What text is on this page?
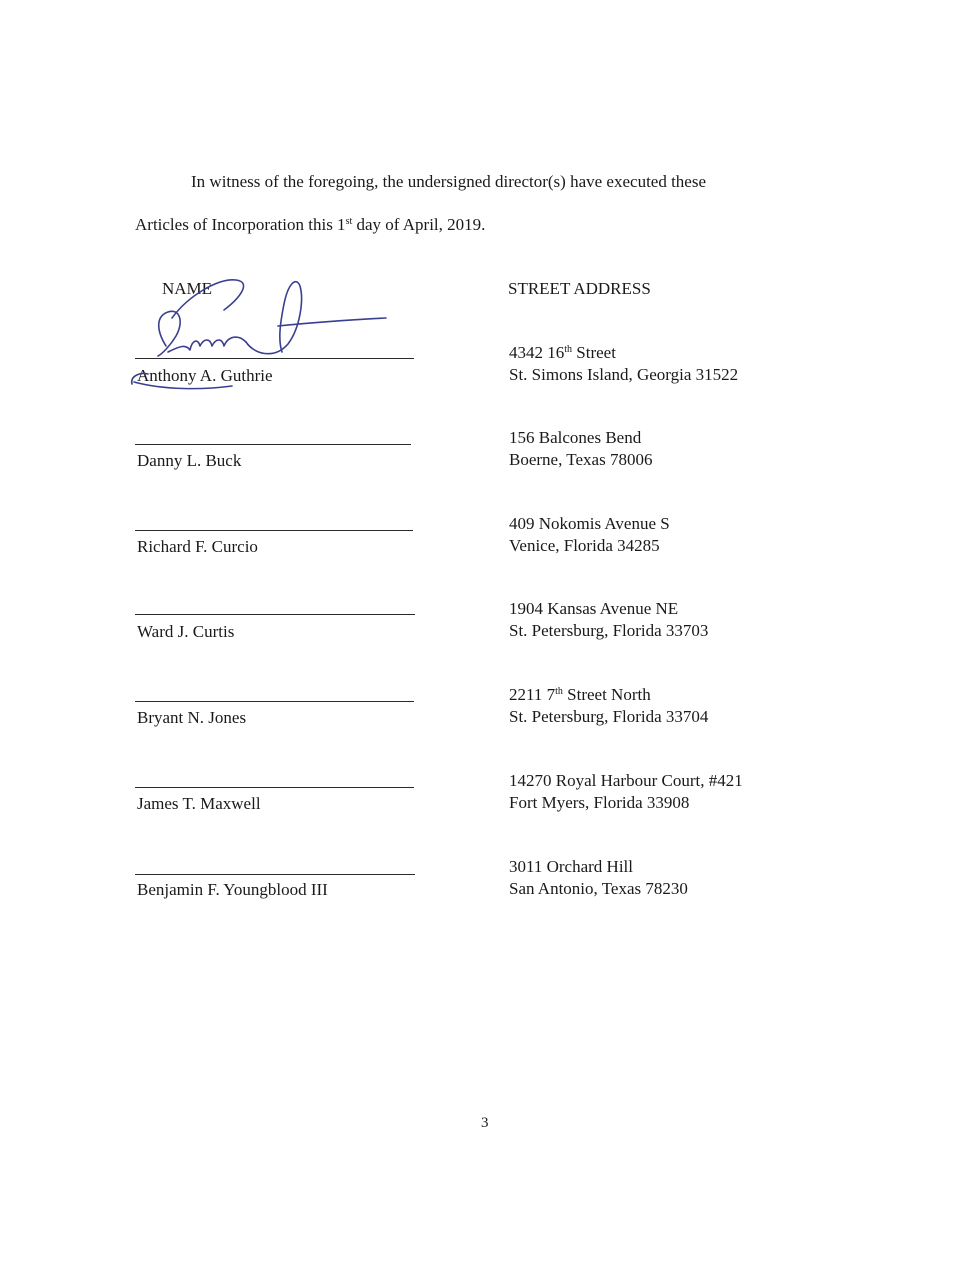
In witness of the foregoing, the undersigned director(s) have executed these
Articles of Incorporation this 1st day of April, 2019.
NAME	STREET ADDRESS
Anthony A. Guthrie
4342 16th Street
St. Simons Island, Georgia 31522
Danny L. Buck
156 Balcones Bend
Boerne, Texas 78006
Richard F. Curcio
409 Nokomis Avenue S
Venice, Florida 34285
Ward J. Curtis
1904 Kansas Avenue NE
St. Petersburg, Florida 33703
Bryant N. Jones
2211 7th Street North
St. Petersburg, Florida 33704
James T. Maxwell
14270 Royal Harbour Court, #421
Fort Myers, Florida 33908
Benjamin F. Youngblood III
3011 Orchard Hill
San Antonio, Texas 78230
3
